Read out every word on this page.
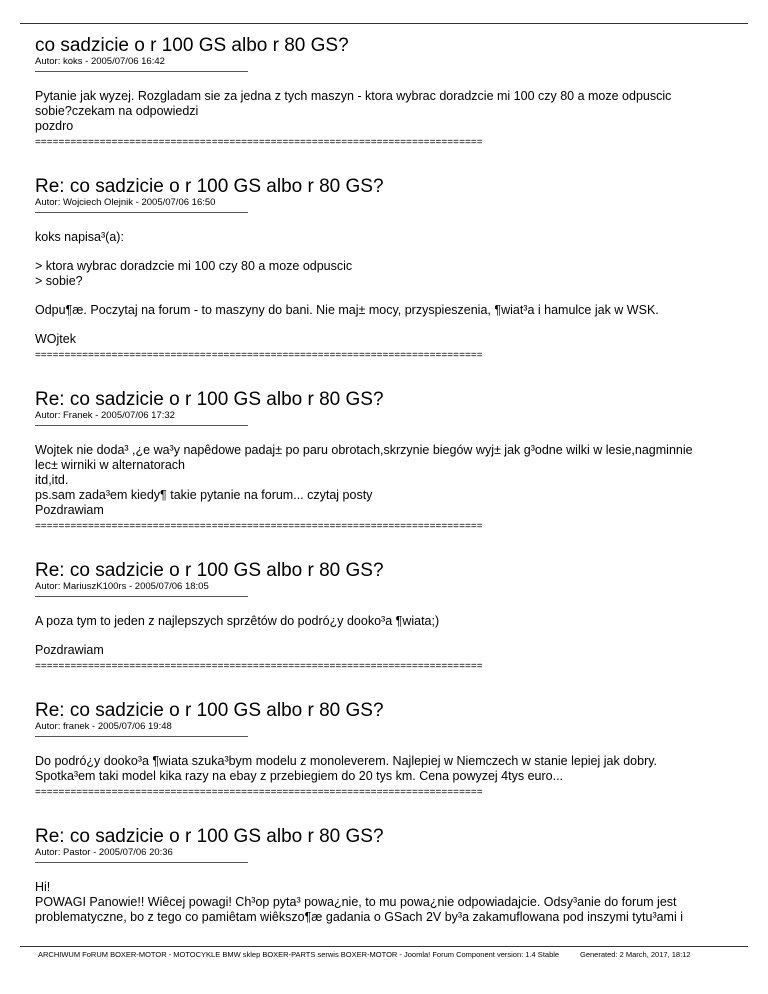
co sadzicie o r 100 GS albo r 80 GS?
Autor: koks - 2005/07/06 16:42

Pytanie jak wyzej. Rozgladam sie za jedna z tych maszyn - ktora wybrac doradzcie mi 100 czy 80 a moze odpuscic
sobie?czekam na odpowiedzi
pozdro

============================================================================
Re: co sadzicie o r 100 GS albo r 80 GS?
Autor: Wojciech Olejnik - 2005/07/06 16:50

koks napisa³(a):

> ktora wybrac doradzcie mi 100 czy 80 a moze odpuscic
> sobie?

Odpu¶æ. Poczytaj na forum - to maszyny do bani. Nie maj± mocy, przyspieszenia, ¶wiat³a i hamulce jak w WSK.

WOjtek

============================================================================
Re: co sadzicie o r 100 GS albo r 80 GS?
Autor: Franek - 2005/07/06 17:32

Wojtek nie doda³ ,¿e wa³y napêdowe padaj± po paru obrotach,skrzynie biegów wyj± jak g³odne wilki w lesie,nagminnie
lec± wirniki w alternatorach
itd,itd.
ps.sam zada³em kiedy¶ takie pytanie na forum... czytaj posty
Pozdrawiam

============================================================================
Re: co sadzicie o r 100 GS albo r 80 GS?
Autor: MariuszK100rs - 2005/07/06 18:05

A poza tym to jeden z najlepszych sprzêtów do podró¿y dooko³a ¶wiata;)

Pozdrawiam

============================================================================
Re: co sadzicie o r 100 GS albo r 80 GS?
Autor: franek - 2005/07/06 19:48

Do podró¿y dooko³a ¶wiata szuka³bym modelu z monoleverem. Najlepiej w Niemczech w stanie lepiej jak dobry.
Spotka³em taki model kika razy na ebay z przebiegiem do 20 tys km. Cena powyzej 4tys euro...

============================================================================
Re: co sadzicie o r 100 GS albo r 80 GS?
Autor: Pastor - 2005/07/06 20:36

Hi!
POWAGI Panowie!! Wiêcej powagi! Ch³op pyta³ powa¿nie, to mu powa¿nie odpowiadajcie. Odsy³anie do forum jest
problematyczne, bo z tego co pamiêtam wiêkszo¶æ gadania o GSach 2V by³a zakamuflowana pod inszymi tytu³ami i

ARCHIWUM FoRUM BOXER-MOTOR - MOTOCYKLE BMW sklep BOXER-PARTS serwis BOXER-MOTOR - Joomla! Forum Component version: 1.4 Stable	Generated: 2 March, 2017, 18:12
